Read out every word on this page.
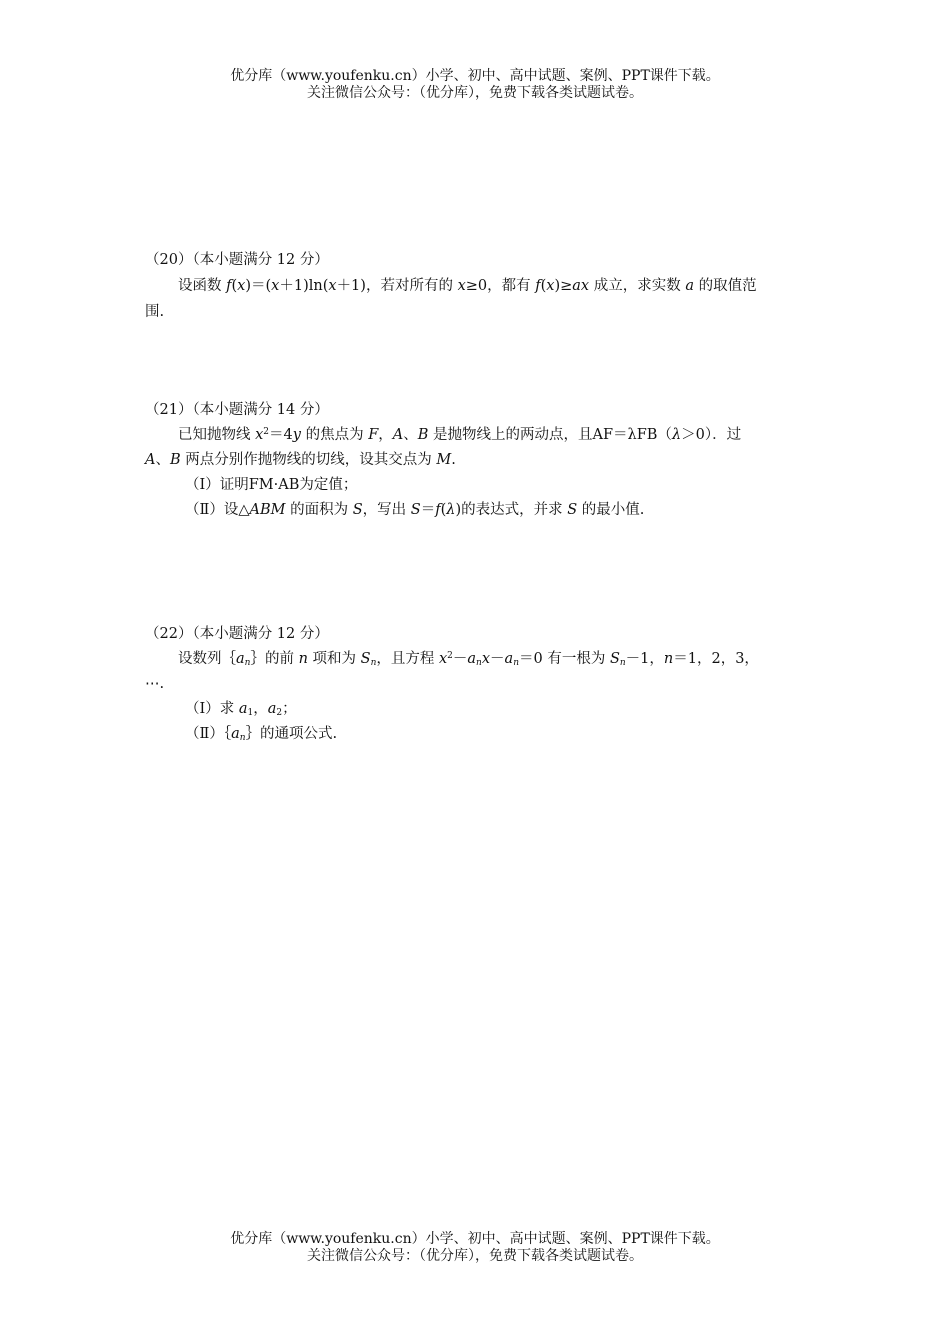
优分库（www.youfenku.cn）小学、初中、高中试题、案例、PPT课件下载。
关注微信公众号：（优分库），免费下载各类试题试卷。
（20）（本小题满分 12 分）
设函数 f(x)＝(x＋1)ln(x＋1)，若对所有的 x≥0，都有 f(x)≥ax 成立，求实数 a 的取值范
围.
（21）（本小题满分 14 分）
已知抛物线 $x^2=4y$ 的焦点为 F，A、B 是抛物线上的两动点，且AF＝λFB（λ＞0）．过
A、B 两点分别作抛物线的切线，设其交点为 M.
（Ⅰ）证明FM·AB为定值；
（Ⅱ）设△ABM 的面积为 S，写出 S＝f(λ)的表达式，并求 S 的最小值.
（22）（本小题满分 12 分）
设数列$\{a_n\}$的前 n 项和为 $S_n$，且方程 $x^2-a_nx-a_n=0$ 有一根为 $S_n-1$，n＝1，2，3，
⋯.
（Ⅰ）求 $a_1$，$a_2$；
$(Ⅱ)\{a_n\}$的通项公式.
优分库（www.youfenku.cn）小学、初中、高中试题、案例、PPT课件下载。
关注微信公众号：（优分库），免费下载各类试题试卷。
